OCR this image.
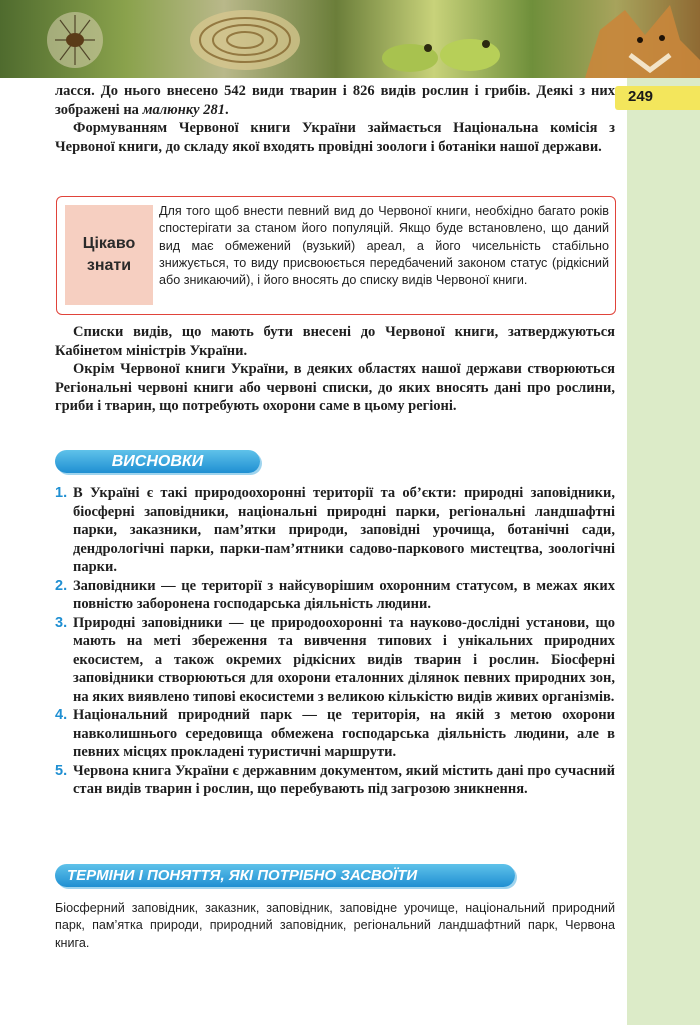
249

ласся. До нього внесено 542 види тварин і 826 видів рослин і грибів. Деякі з них зображені на малюнку 281.

Формуванням Червоної книги України займається Національна комісія з Червоної книги, до складу якої входять провідні зоологи і ботаніки нашої держави.

Цікаво
знати
Для того щоб внести певний вид до Червоної книги, необхідно багато років спостерігати за станом його популяцій. Якщо буде встановлено, що даний вид має обмежений (вузький) ареал, а його чисельність стабільно знижується, то виду присвоюється передбачений законом статус (рідкісний або зникаючий), і його вносять до списку видів Червоної книги.

Списки видів, що мають бути внесені до Червоної книги, затверджуються Кабінетом міністрів України.

Окрім Червоної книги України, в деяких областях нашої держави створюються Регіональні червоні книги або червоні списки, до яких вносять дані про рослини, гриби і тварин, що потребують охорони саме в цьому регіоні.

ВИСНОВКИ

1. В Україні є такі природоохоронні території та об’єкти: природні заповідники, біосферні заповідники, національні природні парки, регіональні ландшафтні парки, заказники, пам’ятки природи, заповідні урочища, ботанічні сади, дендрологічні парки, парки-пам’ятники садово-паркового мистецтва, зоологічні парки.

2. Заповідники — це території з найсуворішим охоронним статусом, в межах яких повністю заборонена господарська діяльність людини.

3. Природні заповідники — це природоохоронні та науково-дослідні установи, що мають на меті збереження та вивчення типових і унікальних природних екосистем, а також окремих рідкісних видів тварин і рослин. Біосферні заповідники створюються для охорони еталонних ділянок певних природних зон, на яких виявлено типові екосистеми з великою кількістю видів живих організмів.

4. Національний природний парк — це територія, на якій з метою охорони навколишнього середовища обмежена господарська діяльність людини, але в певних місцях прокладені туристичні маршрути.

5. Червона книга України є державним документом, який містить дані про сучасний стан видів тварин і рослин, що перебувають під загрозою зникнення.

ТЕРМІНИ І ПОНЯТТЯ, ЯКІ ПОТРІБНО ЗАСВОЇТИ
Біосферний заповідник, заказник, заповідник, заповідне урочище, національний природний парк, пам’ятка природи, природний заповідник, регіональний ландшафтний парк, Червона книга.
